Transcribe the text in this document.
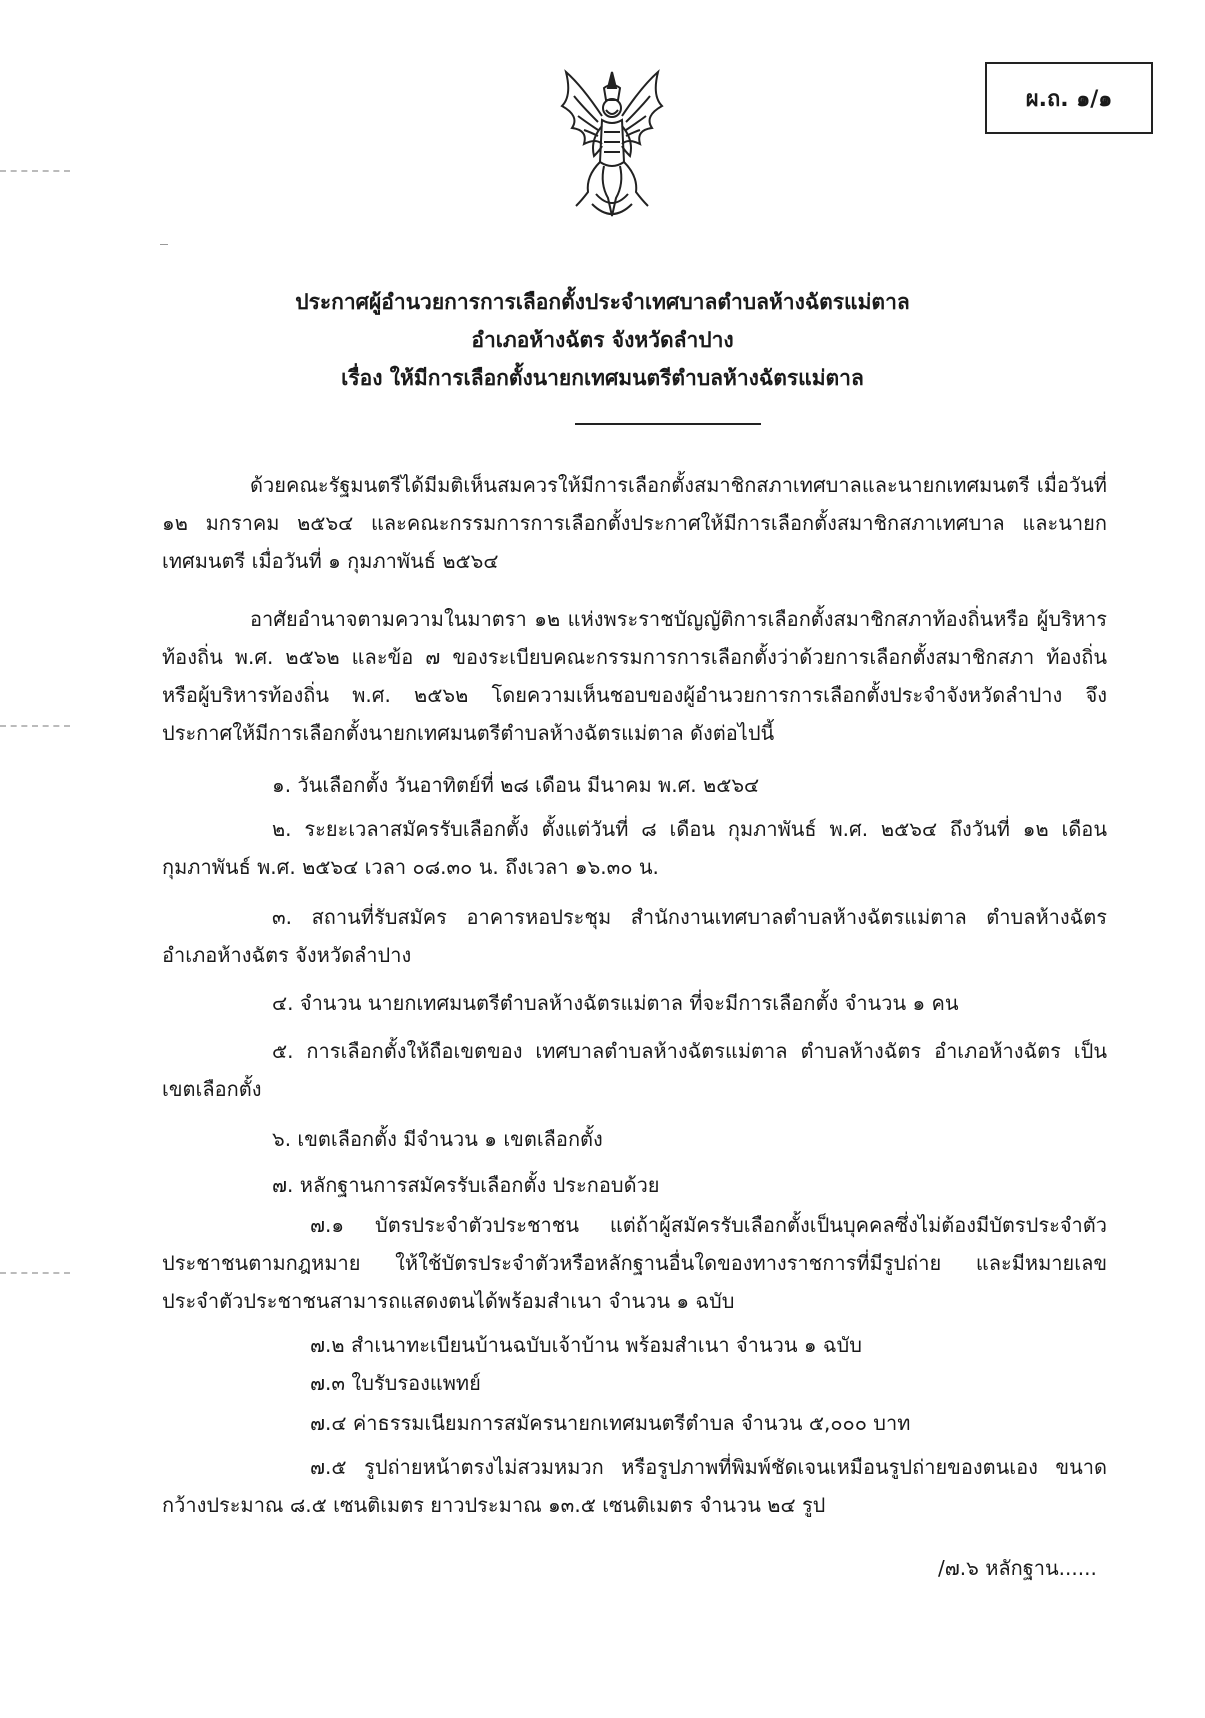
ผ.ถ. ๑/๑
ประกาศผู้อำนวยการการเลือกตั้งประจำเทศบาลตำบลห้างฉัตรแม่ตาล
อำเภอห้างฉัตร จังหวัดลำปาง
เรื่อง ให้มีการเลือกตั้งนายกเทศมนตรีตำบลห้างฉัตรแม่ตาล

ด้วยคณะรัฐมนตรีได้มีมติเห็นสมควรให้มีการเลือกตั้งสมาชิกสภาเทศบาลและนายกเทศมนตรี เมื่อวันที่ ๑๒ มกราคม ๒๕๖๔ และคณะกรรมการการเลือกตั้งประกาศให้มีการเลือกตั้งสมาชิกสภาเทศบาล และนายกเทศมนตรี เมื่อวันที่ ๑ กุมภาพันธ์ ๒๕๖๔

อาศัยอำนาจตามความในมาตรา ๑๒ แห่งพระราชบัญญัติการเลือกตั้งสมาชิกสภาท้องถิ่นหรือ ผู้บริหารท้องถิ่น พ.ศ. ๒๕๖๒ และข้อ ๗ ของระเบียบคณะกรรมการการเลือกตั้งว่าด้วยการเลือกตั้งสมาชิกสภา ท้องถิ่นหรือผู้บริหารท้องถิ่น พ.ศ. ๒๕๖๒ โดยความเห็นชอบของผู้อำนวยการการเลือกตั้งประจำจังหวัดลำปาง จึงประกาศให้มีการเลือกตั้งนายกเทศมนตรีตำบลห้างฉัตรแม่ตาล ดังต่อไปนี้

๑. วันเลือกตั้ง วันอาทิตย์ที่ ๒๘ เดือน มีนาคม พ.ศ. ๒๕๖๔

๒. ระยะเวลาสมัครรับเลือกตั้ง ตั้งแต่วันที่ ๘ เดือน กุมภาพันธ์ พ.ศ. ๒๕๖๔ ถึงวันที่ ๑๒ เดือน กุมภาพันธ์ พ.ศ. ๒๕๖๔ เวลา ๐๘.๓๐ น. ถึงเวลา ๑๖.๓๐ น.

๓. สถานที่รับสมัคร อาคารหอประชุม สำนักงานเทศบาลตำบลห้างฉัตรแม่ตาล ตำบลห้างฉัตร อำเภอห้างฉัตร จังหวัดลำปาง

๔. จำนวน นายกเทศมนตรีตำบลห้างฉัตรแม่ตาล ที่จะมีการเลือกตั้ง จำนวน ๑ คน

๕. การเลือกตั้งให้ถือเขตของ เทศบาลตำบลห้างฉัตรแม่ตาล ตำบลห้างฉัตร อำเภอห้างฉัตร เป็นเขตเลือกตั้ง

๖. เขตเลือกตั้ง มีจำนวน ๑ เขตเลือกตั้ง

๗. หลักฐานการสมัครรับเลือกตั้ง ประกอบด้วย

๗.๑ บัตรประจำตัวประชาชน แต่ถ้าผู้สมัครรับเลือกตั้งเป็นบุคคลซึ่งไม่ต้องมีบัตรประจำตัว ประชาชนตามกฎหมาย ให้ใช้บัตรประจำตัวหรือหลักฐานอื่นใดของทางราชการที่มีรูปถ่าย และมีหมายเลข ประจำตัวประชาชนสามารถแสดงตนได้พร้อมสำเนา จำนวน ๑ ฉบับ

๗.๒ สำเนาทะเบียนบ้านฉบับเจ้าบ้าน พร้อมสำเนา จำนวน ๑ ฉบับ

๗.๓ ใบรับรองแพทย์

๗.๔ ค่าธรรมเนียมการสมัครนายกเทศมนตรีตำบล จำนวน ๕,๐๐๐ บาท

๗.๕ รูปถ่ายหน้าตรงไม่สวมหมวก หรือรูปภาพที่พิมพ์ชัดเจนเหมือนรูปถ่ายของตนเอง ขนาดกว้างประมาณ ๘.๕ เซนติเมตร ยาวประมาณ ๑๓.๕ เซนติเมตร จำนวน ๒๔ รูป

/๗.๖ หลักฐาน......
